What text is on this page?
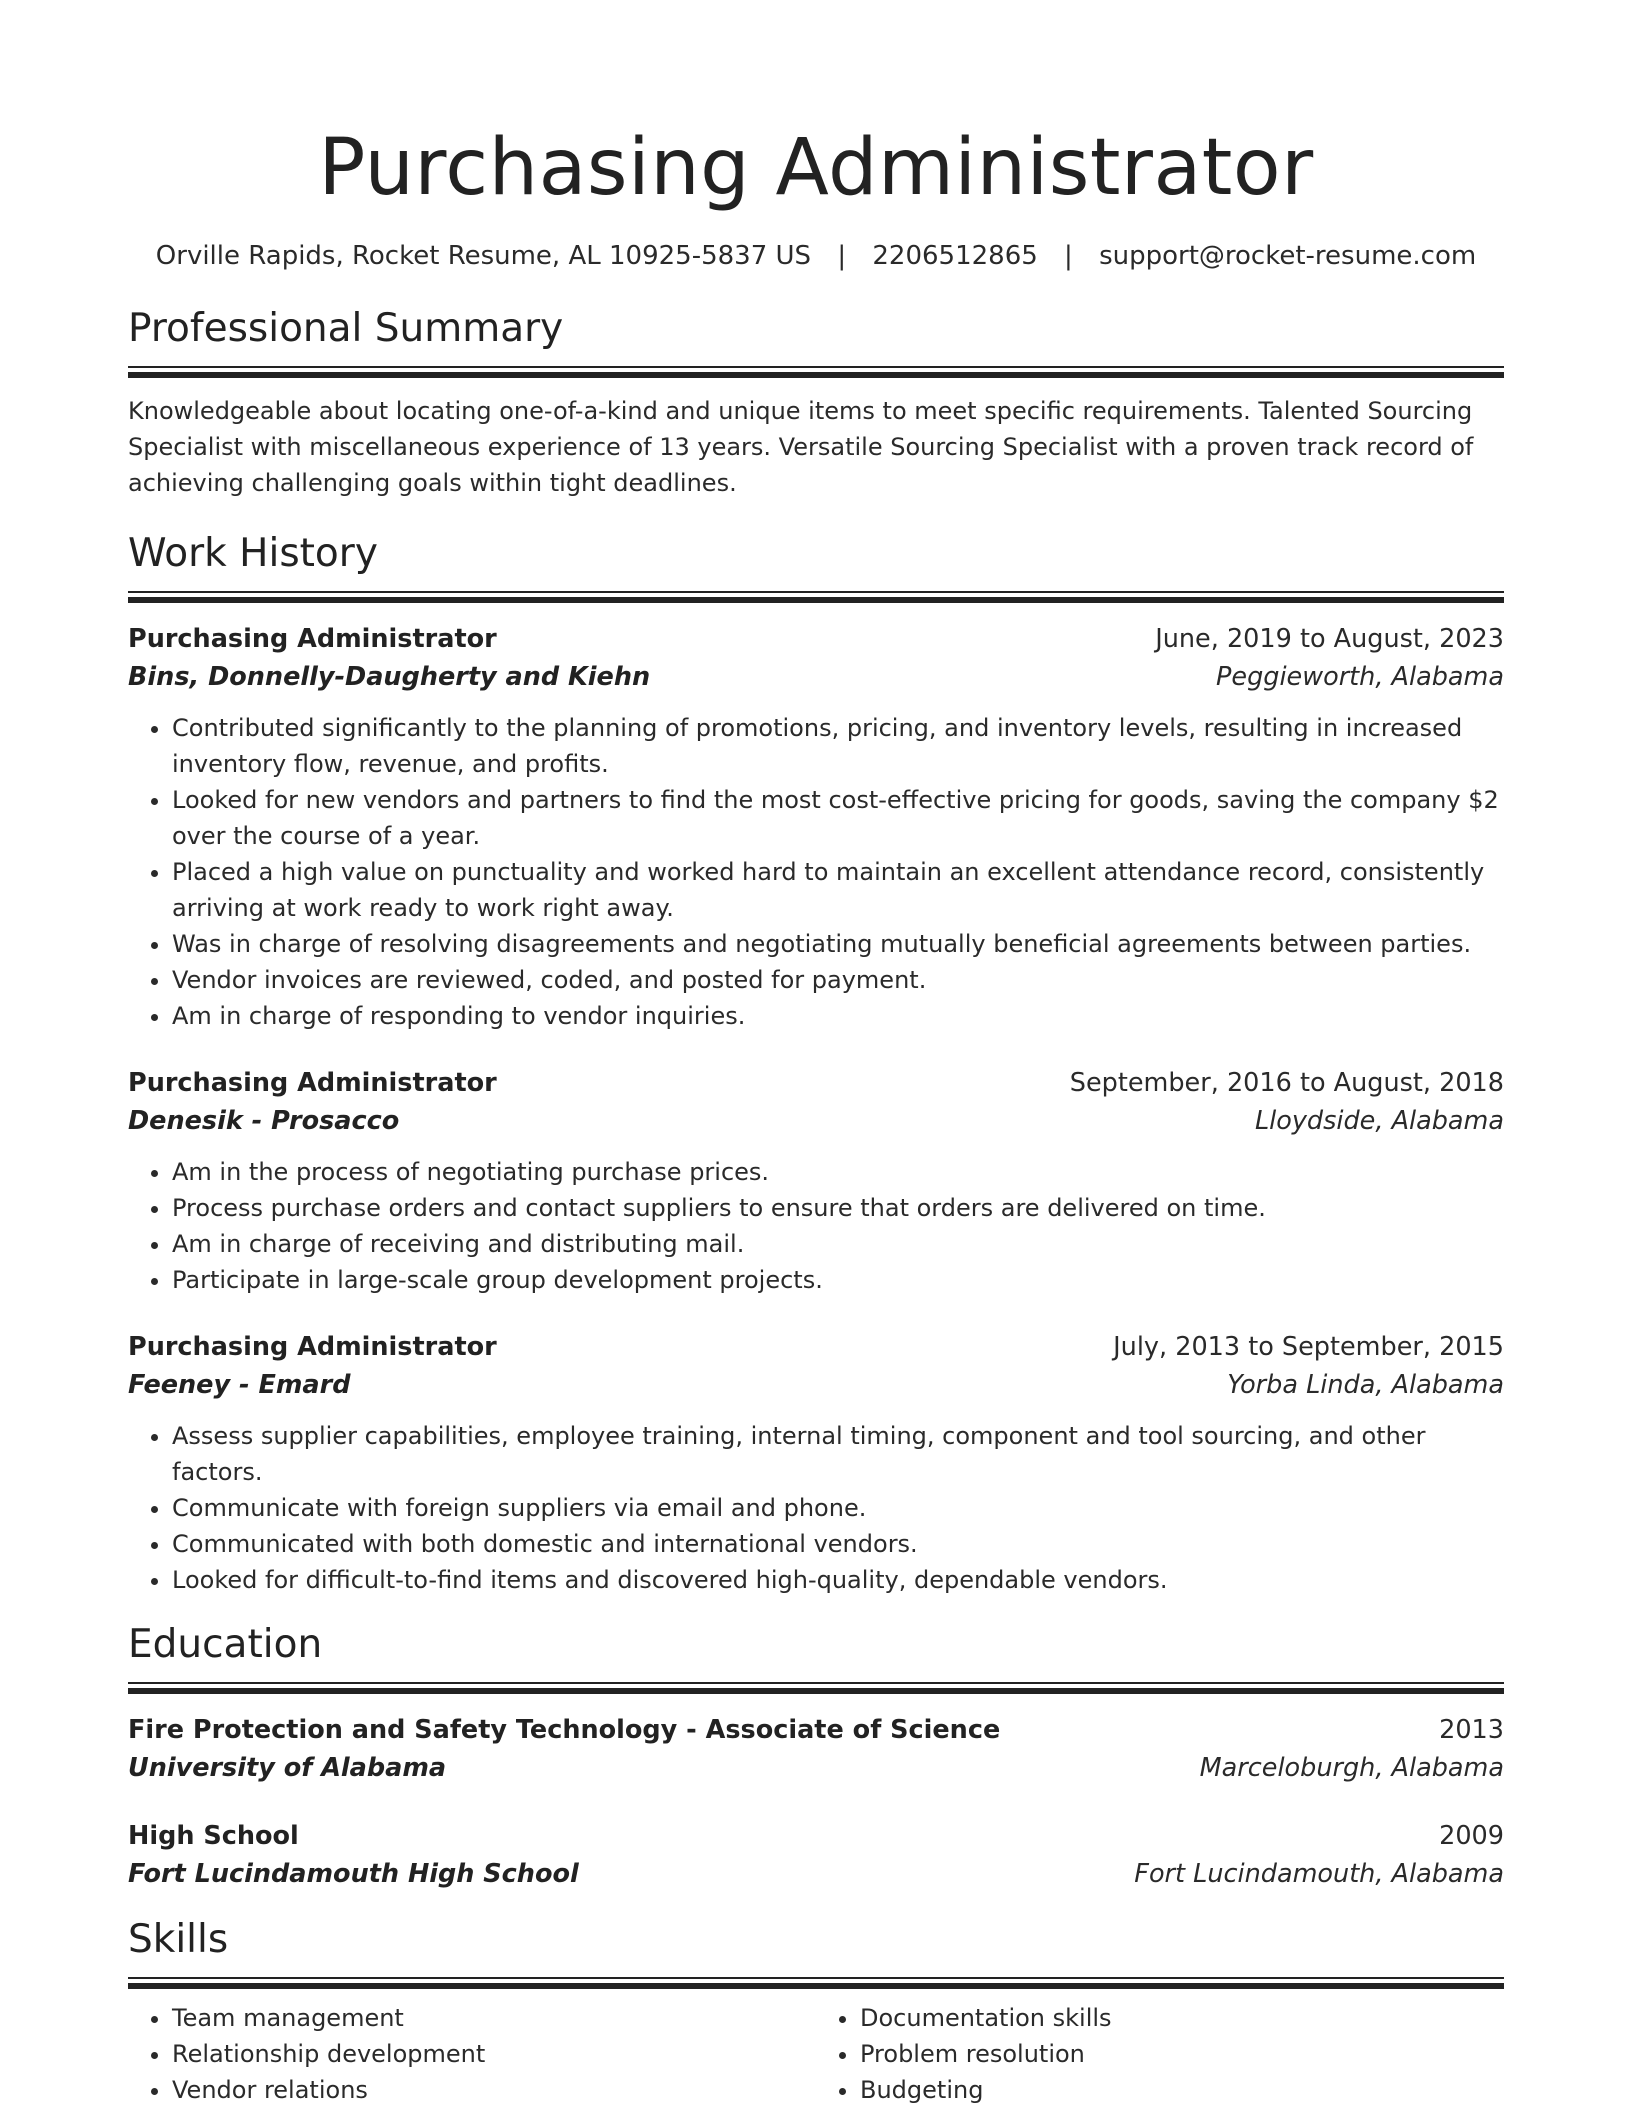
Purchasing Administrator
Orville Rapids, Rocket Resume, AL 10925-5837 US | 2206512865 | support@rocket-resume.com
Professional Summary
Knowledgeable about locating one-of-a-kind and unique items to meet specific requirements. Talented Sourcing Specialist with miscellaneous experience of 13 years. Versatile Sourcing Specialist with a proven track record of achieving challenging goals within tight deadlines.
Work History
Purchasing Administrator	June, 2019 to August, 2023
Bins, Donnelly-Daugherty and Kiehn	Peggieworth, Alabama
• Contributed significantly to the planning of promotions, pricing, and inventory levels, resulting in increased inventory flow, revenue, and profits.
• Looked for new vendors and partners to find the most cost-effective pricing for goods, saving the company $2 over the course of a year.
• Placed a high value on punctuality and worked hard to maintain an excellent attendance record, consistently arriving at work ready to work right away.
• Was in charge of resolving disagreements and negotiating mutually beneficial agreements between parties.
• Vendor invoices are reviewed, coded, and posted for payment.
• Am in charge of responding to vendor inquiries.
Purchasing Administrator	September, 2016 to August, 2018
Denesik - Prosacco	Lloydside, Alabama
• Am in the process of negotiating purchase prices.
• Process purchase orders and contact suppliers to ensure that orders are delivered on time.
• Am in charge of receiving and distributing mail.
• Participate in large-scale group development projects.
Purchasing Administrator	July, 2013 to September, 2015
Feeney - Emard	Yorba Linda, Alabama
• Assess supplier capabilities, employee training, internal timing, component and tool sourcing, and other factors.
• Communicate with foreign suppliers via email and phone.
• Communicated with both domestic and international vendors.
• Looked for difficult-to-find items and discovered high-quality, dependable vendors.
Education
Fire Protection and Safety Technology - Associate of Science	2013
University of Alabama	Marceloburgh, Alabama
High School	2009
Fort Lucindamouth High School	Fort Lucindamouth, Alabama
Skills
• Team management
• Relationship development
• Vendor relations
• Documentation skills
• Problem resolution
• Budgeting
